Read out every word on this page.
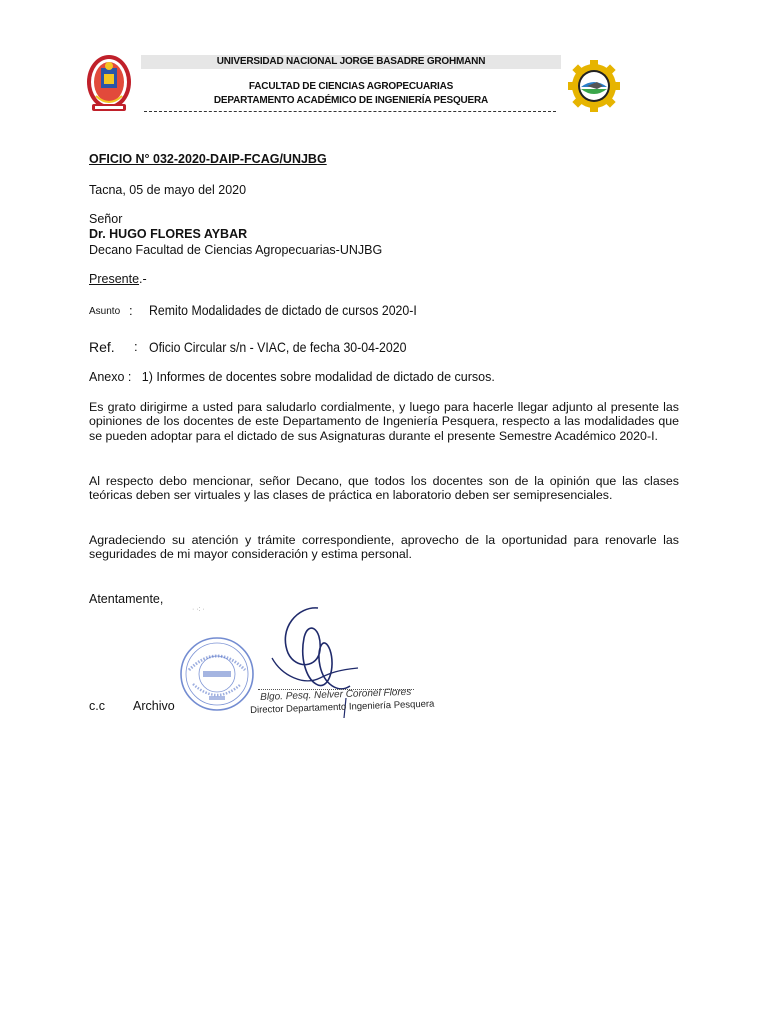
UNIVERSIDAD NACIONAL JORGE BASADRE GROHMANN
FACULTAD DE CIENCIAS AGROPECUARIAS
DEPARTAMENTO ACADÉMICO DE INGENIERÍA PESQUERA
OFICIO N° 032-2020-DAIP-FCAG/UNJBG
Tacna, 05 de mayo del 2020
Señor
Dr. HUGO FLORES AYBAR
Decano Facultad de Ciencias Agropecuarias-UNJBG
Presente.-
Asunto : Remito Modalidades de dictado de cursos 2020-I
Ref. : Oficio Circular s/n - VIAC, de fecha 30-04-2020
Anexo :   1) Informes de docentes sobre modalidad de dictado de cursos.
Es grato dirigirme a usted para saludarlo cordialmente, y luego para hacerle llegar adjunto al presente las opiniones de los docentes de este Departamento de Ingeniería Pesquera, respecto a las modalidades que se pueden adoptar para el dictado de sus Asignaturas durante el presente Semestre Académico 2020-I.
Al respecto debo mencionar, señor Decano, que todos los docentes son de la opinión que las clases teóricas deben ser virtuales y las clases de práctica en laboratorio deben ser semipresenciales.
Agradeciendo su atención y trámite correspondiente, aprovecho de la oportunidad para renovarle las seguridades de mi mayor consideración y estima personal.
Atentamente,
· ·: ·
Blgo. Pesq. Nelver Coronel Flores
Director Departamento Ingeniería Pesquera
c.c Archivo
